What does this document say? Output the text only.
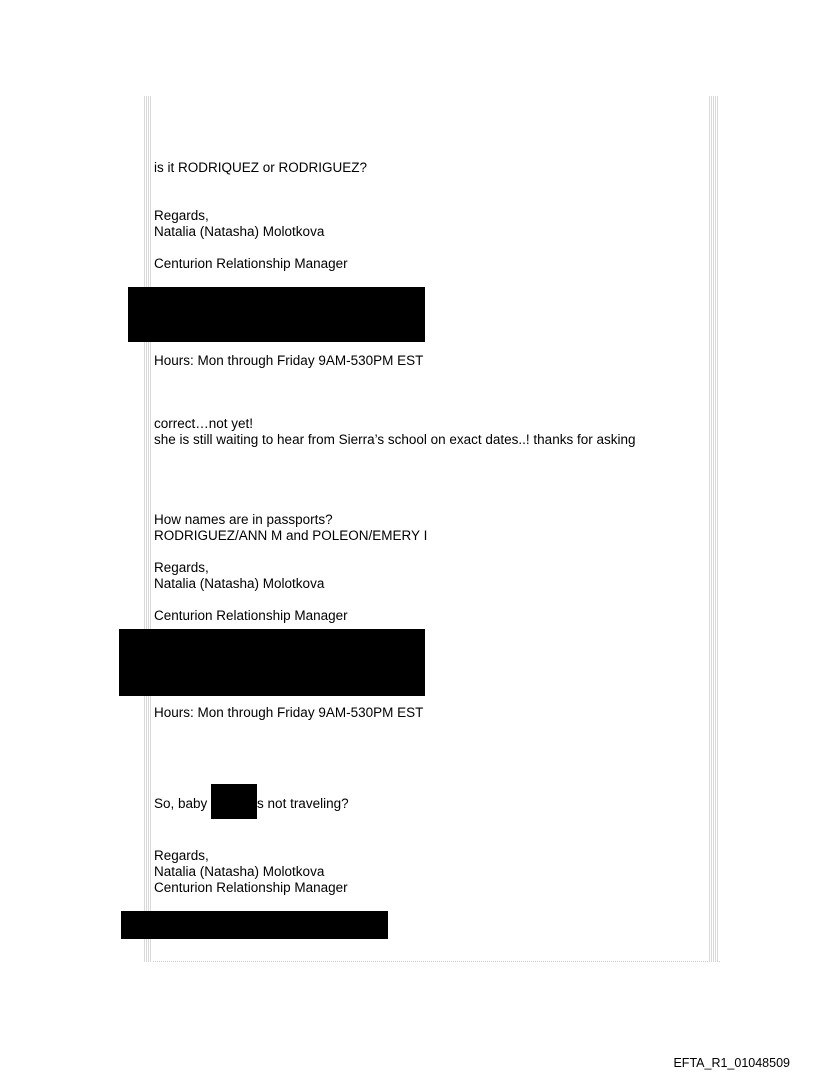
is it RODRIQUEZ or RODRIGUEZ?

Regards,

Natalia (Natasha) Molotkova

Centurion Relationship Manager

Hours: Mon through Friday 9AM-530PM EST

correct…not yet!

she is still waiting to hear from Sierra’s school on exact dates..! thanks for asking

How names are in passports?

RODRIGUEZ/ANN M and POLEON/EMERY I

Regards,

Natalia (Natasha) Molotkova

Centurion Relationship Manager

Hours: Mon through Friday 9AM-530PM EST

So, baby	s not traveling?

Regards,

Natalia (Natasha) Molotkova

Centurion Relationship Manager

EFTA_R1_01048509
